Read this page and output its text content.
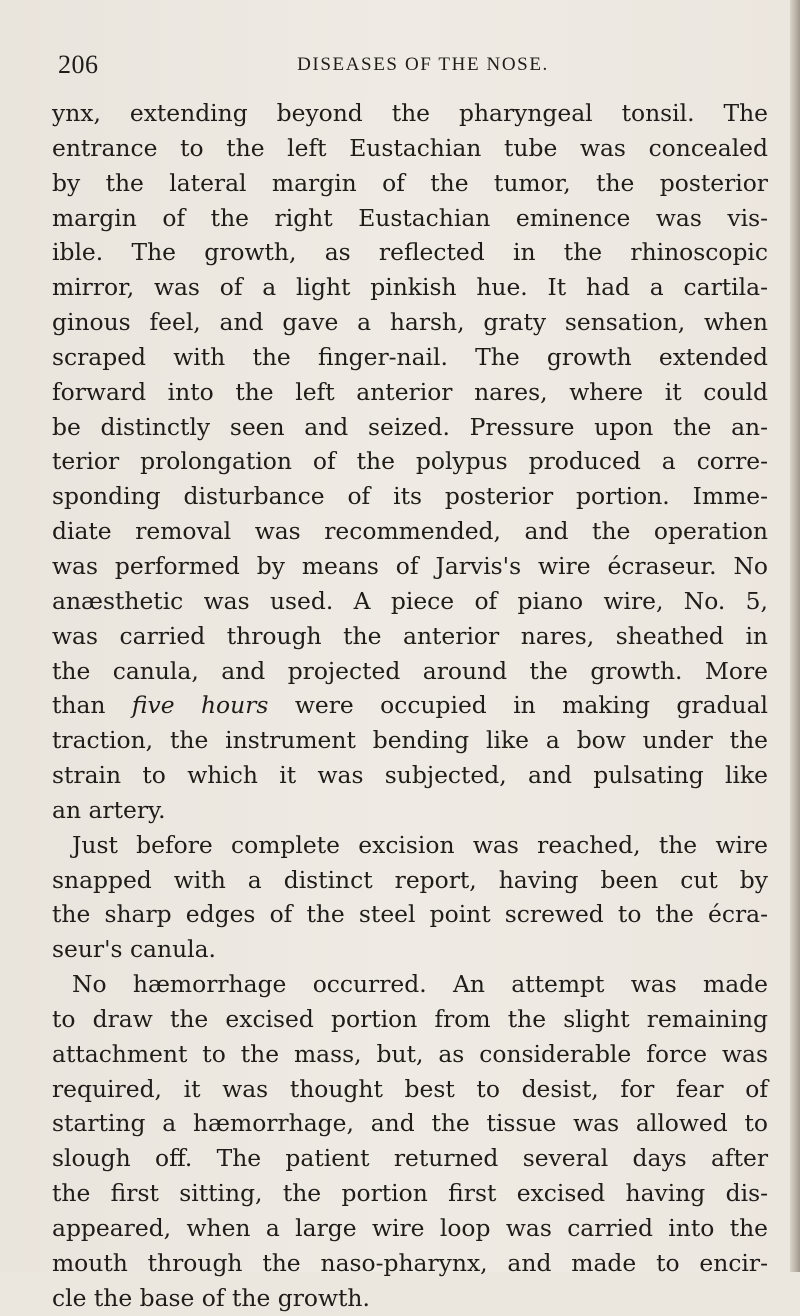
206	DISEASES OF THE NOSE.
ynx, extending beyond the pharyngeal tonsil. The
entrance to the left Eustachian tube was concealed
by the lateral margin of the tumor, the posterior
margin of the right Eustachian eminence was vis-
ible. The growth, as reflected in the rhinoscopic
mirror, was of a light pinkish hue. It had a cartila-
ginous feel, and gave a harsh, graty sensation, when
scraped with the finger-nail. The growth extended
forward into the left anterior nares, where it could
be distinctly seen and seized. Pressure upon the an-
terior prolongation of the polypus produced a corre-
sponding disturbance of its posterior portion. Imme-
diate removal was recommended, and the operation
was performed by means of Jarvis's wire écraseur. No
anæsthetic was used. A piece of piano wire, No. 5,
was carried through the anterior nares, sheathed in
the canula, and projected around the growth. More
than five hours were occupied in making gradual
traction, the instrument bending like a bow under the
strain to which it was subjected, and pulsating like
an artery.
Just before complete excision was reached, the wire
snapped with a distinct report, having been cut by
the sharp edges of the steel point screwed to the écra-
seur's canula.
No hæmorrhage occurred. An attempt was made
to draw the excised portion from the slight remaining
attachment to the mass, but, as considerable force was
required, it was thought best to desist, for fear of
starting a hæmorrhage, and the tissue was allowed to
slough off. The patient returned several days after
the first sitting, the portion first excised having dis-
appeared, when a large wire loop was carried into the
mouth through the naso-pharynx, and made to encir-
cle the base of the growth.
